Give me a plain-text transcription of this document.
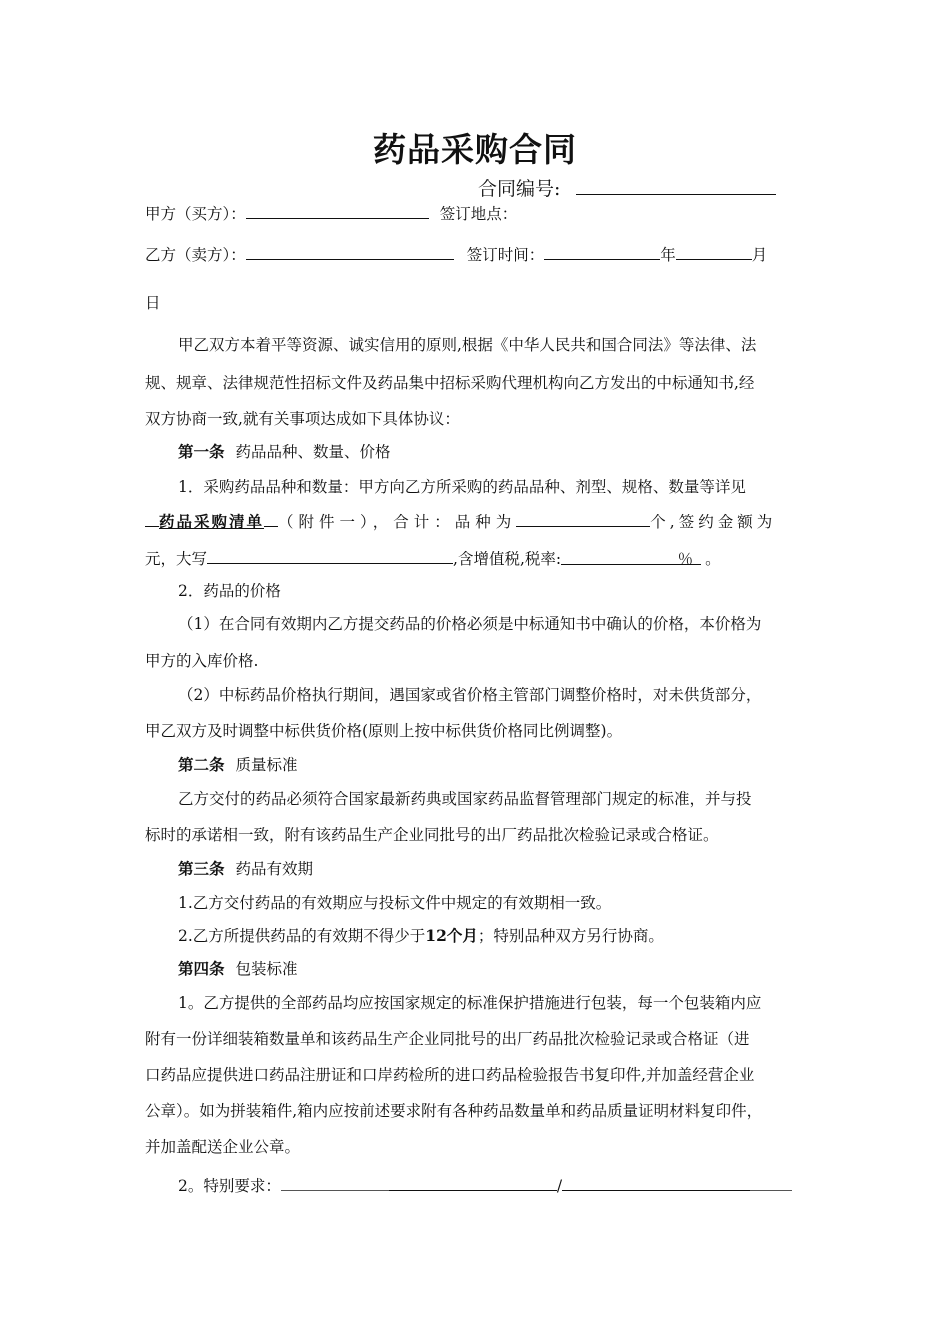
药品采购合同
合同编号:
甲方（买方）：	签订地点：
乙方（卖方）：	签订时间：	年	月
日
甲乙双方本着平等资源、诚实信用的原则,根据《中华人民共和国合同法》等法律、法
规、规章、法律规范性招标文件及药品集中招标采购代理机构向乙方发出的中标通知书,经
双方协商一致,就有关事项达成如下具体协议：
第一条 药品品种、数量、价格
1．采购药品品种和数量：甲方向乙方所采购的药品品种、剂型、规格、数量等详见
药品采购清单 （附件一），合计：品种为	个,签约金额为
元，大写	,含增值税,税率:	％ 。
2．药品的价格
（1）在合同有效期内乙方提交药品的价格必须是中标通知书中确认的价格，本价格为
甲方的入库价格.
（2）中标药品价格执行期间，遇国家或省价格主管部门调整价格时，对未供货部分，
甲乙双方及时调整中标供货价格(原则上按中标供货价格同比例调整)。
第二条 质量标准
乙方交付的药品必须符合国家最新药典或国家药品监督管理部门规定的标准，并与投
标时的承诺相一致，附有该药品生产企业同批号的出厂药品批次检验记录或合格证。
第三条 药品有效期
1.乙方交付药品的有效期应与投标文件中规定的有效期相一致。
2.乙方所提供药品的有效期不得少于12个月；特别品种双方另行协商。
第四条 包装标准
1。乙方提供的全部药品均应按国家规定的标准保护措施进行包装，每一个包装箱内应
附有一份详细装箱数量单和该药品生产企业同批号的出厂药品批次检验记录或合格证（进
口药品应提供进口药品注册证和口岸药检所的进口药品检验报告书复印件,并加盖经营企业
公章）。如为拼装箱件,箱内应按前述要求附有各种药品数量单和药品质量证明材料复印件，
并加盖配送企业公章。
2。特别要求：	/
